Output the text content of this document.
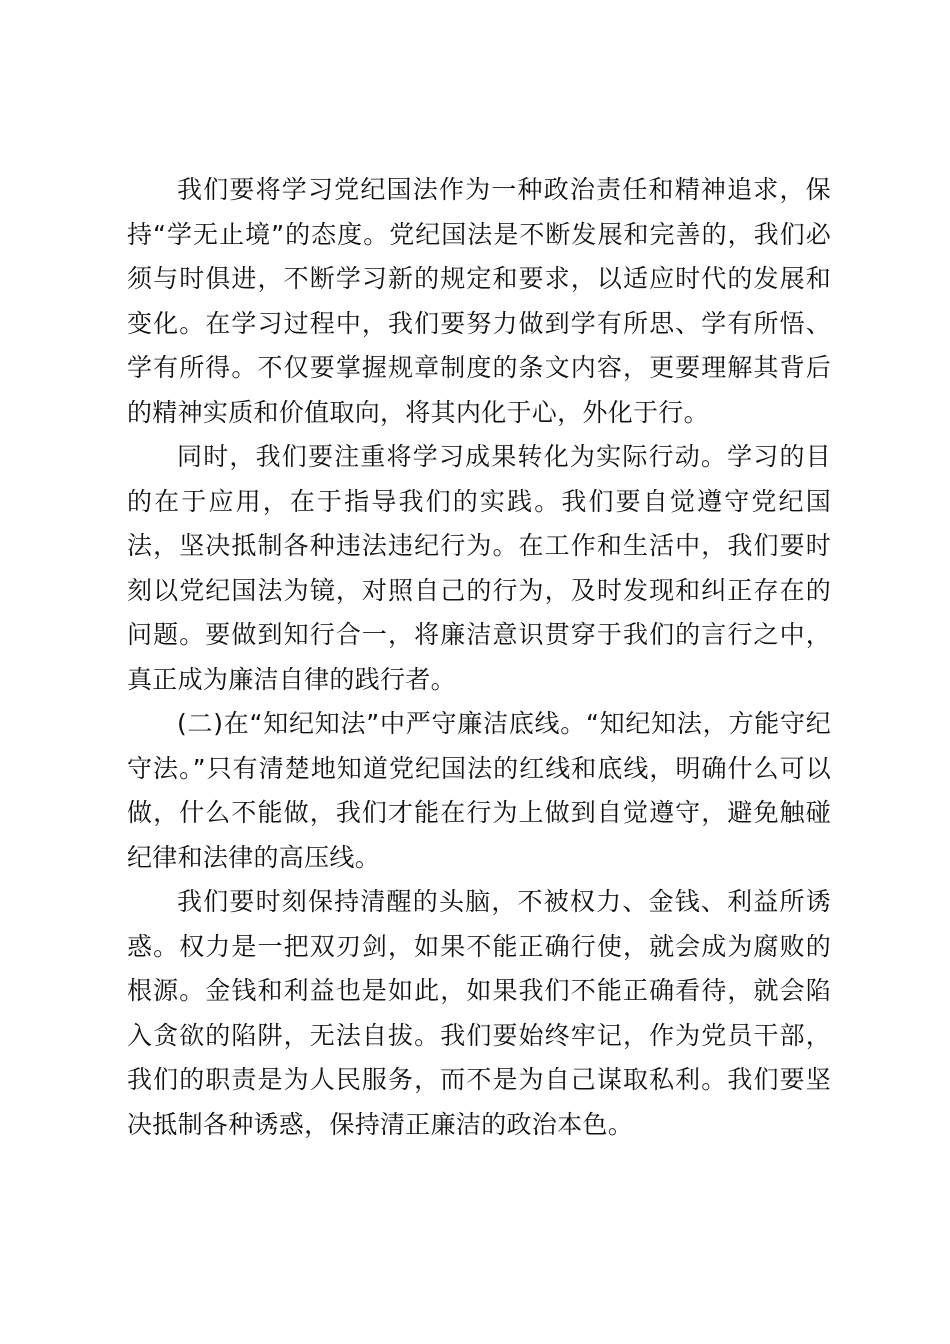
我们要将学习党纪国法作为一种政治责任和精神追求，保持“学无止境”的态度。党纪国法是不断发展和完善的，我们必须与时俱进，不断学习新的规定和要求，以适应时代的发展和变化。在学习过程中，我们要努力做到学有所思、学有所悟、学有所得。不仅要掌握规章制度的条文内容，更要理解其背后的精神实质和价值取向，将其内化于心，外化于行。

同时，我们要注重将学习成果转化为实际行动。学习的目的在于应用，在于指导我们的实践。我们要自觉遵守党纪国法，坚决抵制各种违法违纪行为。在工作和生活中，我们要时刻以党纪国法为镜，对照自己的行为，及时发现和纠正存在的问题。要做到知行合一，将廉洁意识贯穿于我们的言行之中，真正成为廉洁自律的践行者。

(二)在“知纪知法”中严守廉洁底线。“知纪知法，方能守纪守法。”只有清楚地知道党纪国法的红线和底线，明确什么可以做，什么不能做，我们才能在行为上做到自觉遵守，避免触碰纪律和法律的高压线。

我们要时刻保持清醒的头脑，不被权力、金钱、利益所诱惑。权力是一把双刃剑，如果不能正确行使，就会成为腐败的根源。金钱和利益也是如此，如果我们不能正确看待，就会陷入贪欲的陷阱，无法自拔。我们要始终牢记，作为党员干部，我们的职责是为人民服务，而不是为自己谋取私利。我们要坚决抵制各种诱惑，保持清正廉洁的政治本色。
